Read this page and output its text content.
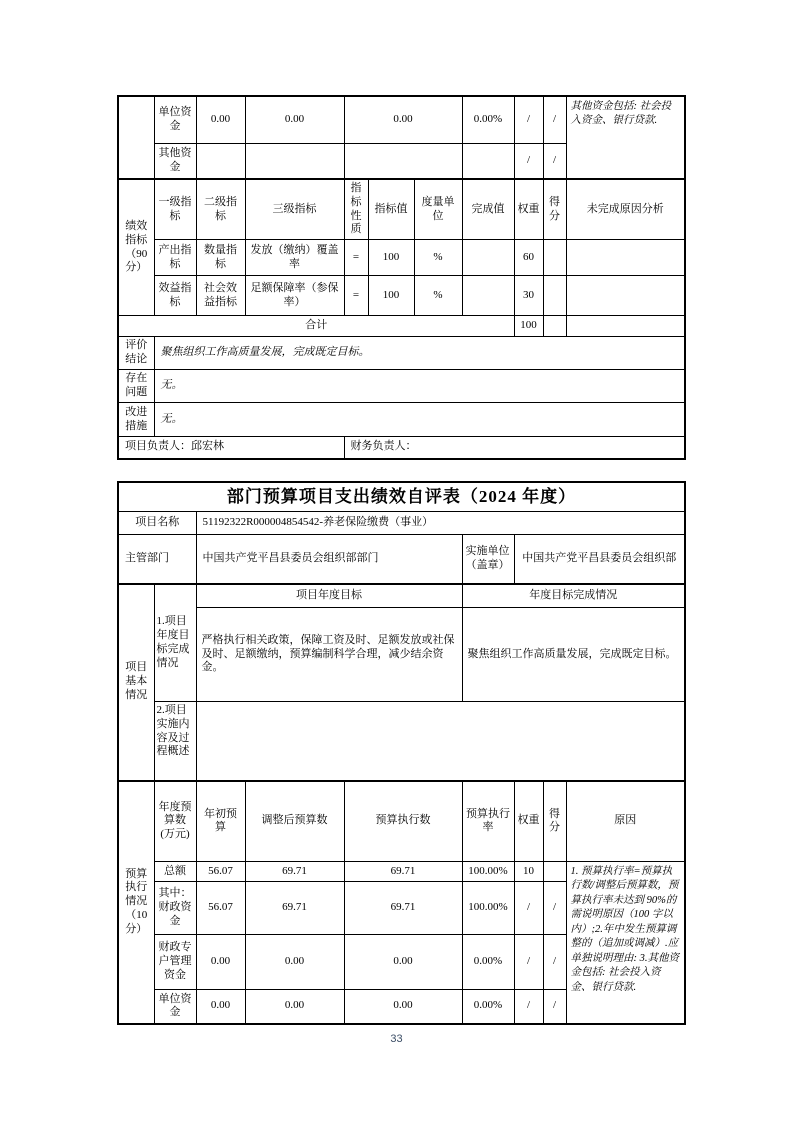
	单位资金	0.00	0.00	0.00			0.00%	/	/	其他资金包括: 社会投入资金、银行贷款.
	其他资金							/	/	
绩效指标（90分）	一级指标	二级指标	三级指标	指标性质	指标值	度量单位	完成值	权重	得分	未完成原因分析
	产出指标	数量指标	发放（缴纳）覆盖率	=	100	%		60		
	效益指标	社会效益指标	足额保障率（参保率）	=	100	%		30		
合计								100		
评价结论	聚焦组织工作高质量发展，完成既定目标。									
存在问题	无。									
改进措施	无。									
项目负责人：邱宏林				财务负责人：						
部门预算项目支出绩效自评表（2024 年度）								
项目名称		51192322R000004854542-养老保险缴费（事业）						
主管部门		中国共产党平昌县委员会组织部部门			实施单位（盖章）	中国共产党平昌县委员会组织部		
项目基本情况	1.项目年度目标完成情况	项目年度目标			年度目标完成情况			
		严格执行相关政策，保障工资及时、足额发放或社保及时、足额缴纳，预算编制科学合理，减少结余资金。			聚焦组织工作高质量发展，完成既定目标。			
	2.项目实施内容及过程概述							
预算执行情况（10分）	年度预算数(万元)	年初预算	调整后预算数	预算执行数	预算执行率	权重	得分	原因
	总额	56.07	69.71	69.71	100.00%	10		1. 预算执行率=预算执行数/调整后预算数，预算执行率未达到 90%的需说明原因（100 字以内）;2.年中发生预算调整的（追加或调减）.应单独说明理由: 3.其他资金包括: 社会投入资金、银行贷款.
	其中：财政资金	56.07	69.71	69.71	100.00%	/	/	
	财政专户管理资金	0.00	0.00	0.00	0.00%	/	/	
	单位资金	0.00	0.00	0.00	0.00%	/	/	
33
